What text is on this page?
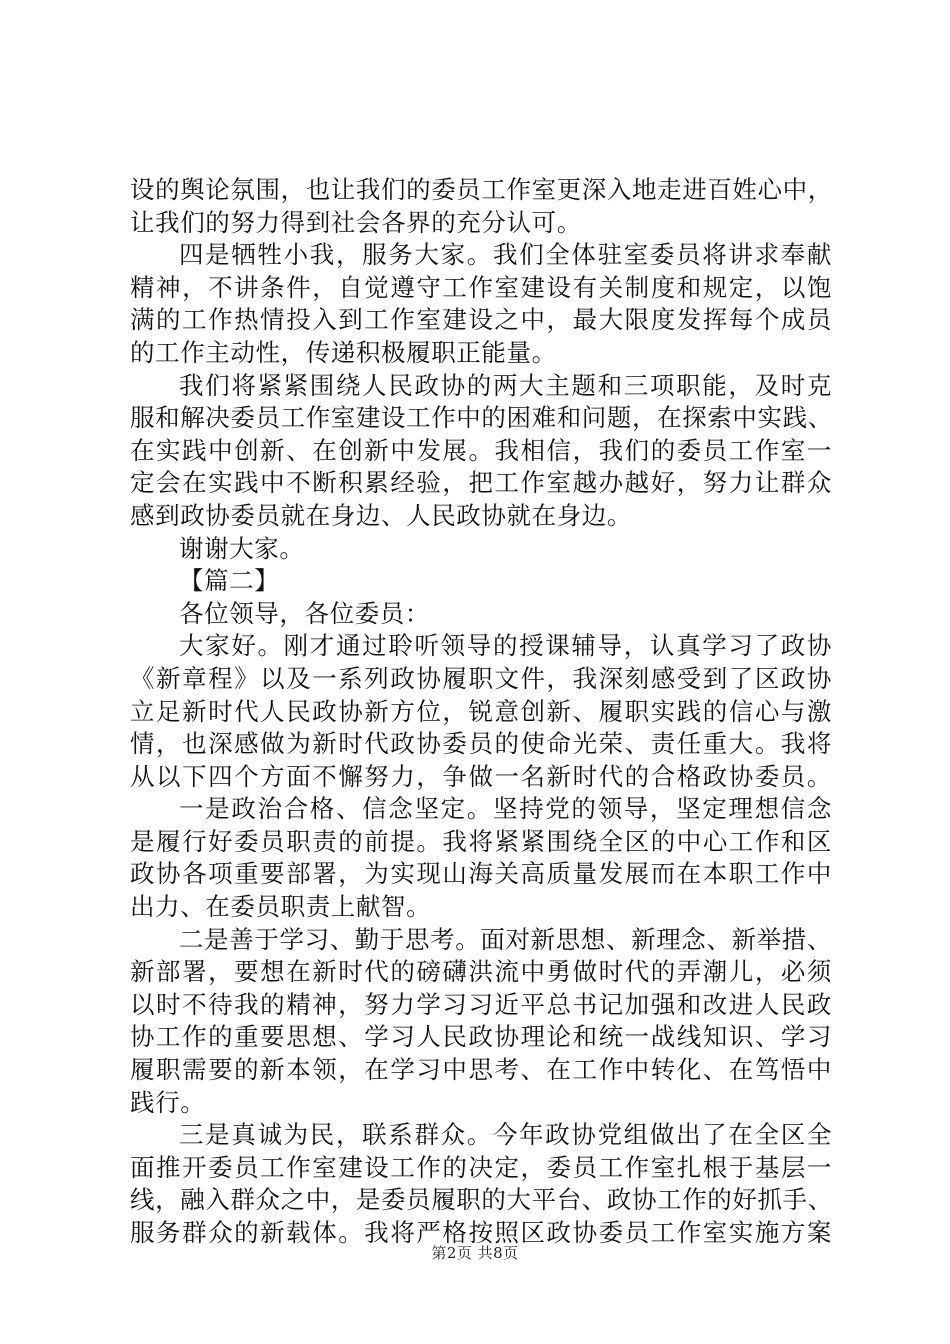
设的舆论氛围，也让我们的委员工作室更深入地走进百姓心中，
让我们的努力得到社会各界的充分认可。
四是牺牲小我，服务大家。我们全体驻室委员将讲求奉献
精神，不讲条件，自觉遵守工作室建设有关制度和规定，以饱
满的工作热情投入到工作室建设之中，最大限度发挥每个成员
的工作主动性，传递积极履职正能量。
我们将紧紧围绕人民政协的两大主题和三项职能，及时克
服和解决委员工作室建设工作中的困难和问题，在探索中实践、
在实践中创新、在创新中发展。我相信，我们的委员工作室一
定会在实践中不断积累经验，把工作室越办越好，努力让群众
感到政协委员就在身边、人民政协就在身边。
谢谢大家。
【篇二】
各位领导，各位委员：
大家好。刚才通过聆听领导的授课辅导，认真学习了政协
《新章程》以及一系列政协履职文件，我深刻感受到了区政协
立足新时代人民政协新方位，锐意创新、履职实践的信心与激
情，也深感做为新时代政协委员的使命光荣、责任重大。我将
从以下四个方面不懈努力，争做一名新时代的合格政协委员。
一是政治合格、信念坚定。坚持党的领导，坚定理想信念
是履行好委员职责的前提。我将紧紧围绕全区的中心工作和区
政协各项重要部署，为实现山海关高质量发展而在本职工作中
出力、在委员职责上献智。
二是善于学习、勤于思考。面对新思想、新理念、新举措、
新部署，要想在新时代的磅礴洪流中勇做时代的弄潮儿，必须
以时不待我的精神，努力学习习近平总书记加强和改进人民政
协工作的重要思想、学习人民政协理论和统一战线知识、学习
履职需要的新本领，在学习中思考、在工作中转化、在笃悟中
践行。
三是真诚为民，联系群众。今年政协党组做出了在全区全
面推开委员工作室建设工作的决定，委员工作室扎根于基层一
线，融入群众之中，是委员履职的大平台、政协工作的好抓手、
服务群众的新载体。我将严格按照区政协委员工作室实施方案
第2页 共8页
